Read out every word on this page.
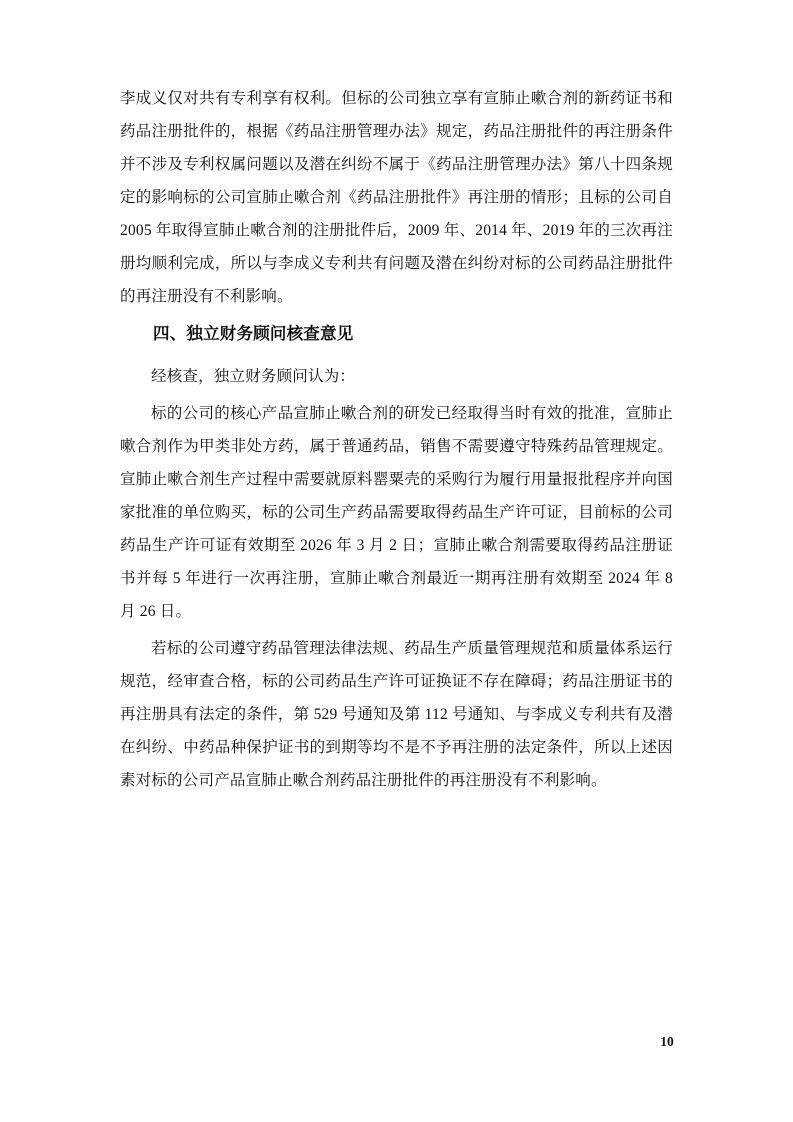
李成义仅对共有专利享有权利。但标的公司独立享有宣肺止嗽合剂的新药证书和药品注册批件的，根据《药品注册管理办法》规定，药品注册批件的再注册条件并不涉及专利权属问题以及潜在纠纷不属于《药品注册管理办法》第八十四条规定的影响标的公司宣肺止嗽合剂《药品注册批件》再注册的情形；且标的公司自 2005 年取得宣肺止嗽合剂的注册批件后，2009 年、2014 年、2019 年的三次再注册均顺利完成，所以与李成义专利共有问题及潜在纠纷对标的公司药品注册批件的再注册没有不利影响。

四、独立财务顾问核查意见

经核查，独立财务顾问认为：

标的公司的核心产品宣肺止嗽合剂的研发已经取得当时有效的批准，宣肺止嗽合剂作为甲类非处方药，属于普通药品，销售不需要遵守特殊药品管理规定。宣肺止嗽合剂生产过程中需要就原料罂粟壳的采购行为履行用量报批程序并向国家批准的单位购买，标的公司生产药品需要取得药品生产许可证，目前标的公司药品生产许可证有效期至 2026 年 3 月 2 日；宣肺止嗽合剂需要取得药品注册证书并每 5 年进行一次再注册，宣肺止嗽合剂最近一期再注册有效期至 2024 年 8 月 26 日。

若标的公司遵守药品管理法律法规、药品生产质量管理规范和质量体系运行规范，经审查合格，标的公司药品生产许可证换证不存在障碍；药品注册证书的再注册具有法定的条件，第 529 号通知及第 112 号通知、与李成义专利共有及潜在纠纷、中药品种保护证书的到期等均不是不予再注册的法定条件，所以上述因素对标的公司产品宣肺止嗽合剂药品注册批件的再注册没有不利影响。

10
